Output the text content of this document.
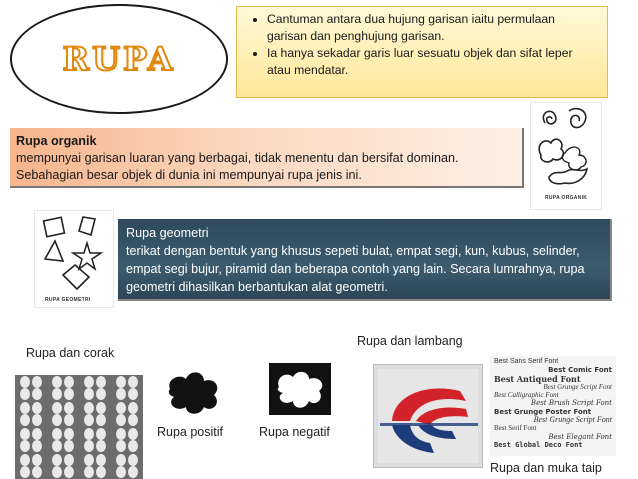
RUPA
• Cantuman antara dua hujung garisan iaitu permulaan garisan dan penghujung garisan.
• Ia hanya sekadar garis luar sesuatu objek dan sifat leper atau mendatar.
RUPA ORGANIK
Rupa organik
mempunyai garisan luaran yang berbagai, tidak menentu dan bersifat dominan. Sebahagian besar objek di dunia ini mempunyai rupa jenis ini.
RUPA GEOMETRI
Rupa geometri
terikat dengan bentuk yang khusus sepeti bulat, empat segi, kun, kubus, selinder, empat segi bujur, piramid dan beberapa contoh yang lain. Secara lumrahnya, rupa geometri dihasilkan berbantukan alat geometri.
Rupa dan corak
Rupa dan lambang
Rupa positif	Rupa negatif
Rupa dan muka taip
Best Sans Serif Font
Best Comic Font
Best Antiqued Font
Best Grunge Script Font
Best Calligraphic Font
Best Brush Script Font
Best Grunge Poster Font
Best Grunge Script Font
Best Serif Font
Best Elegant Font
Best Global Deco Font
